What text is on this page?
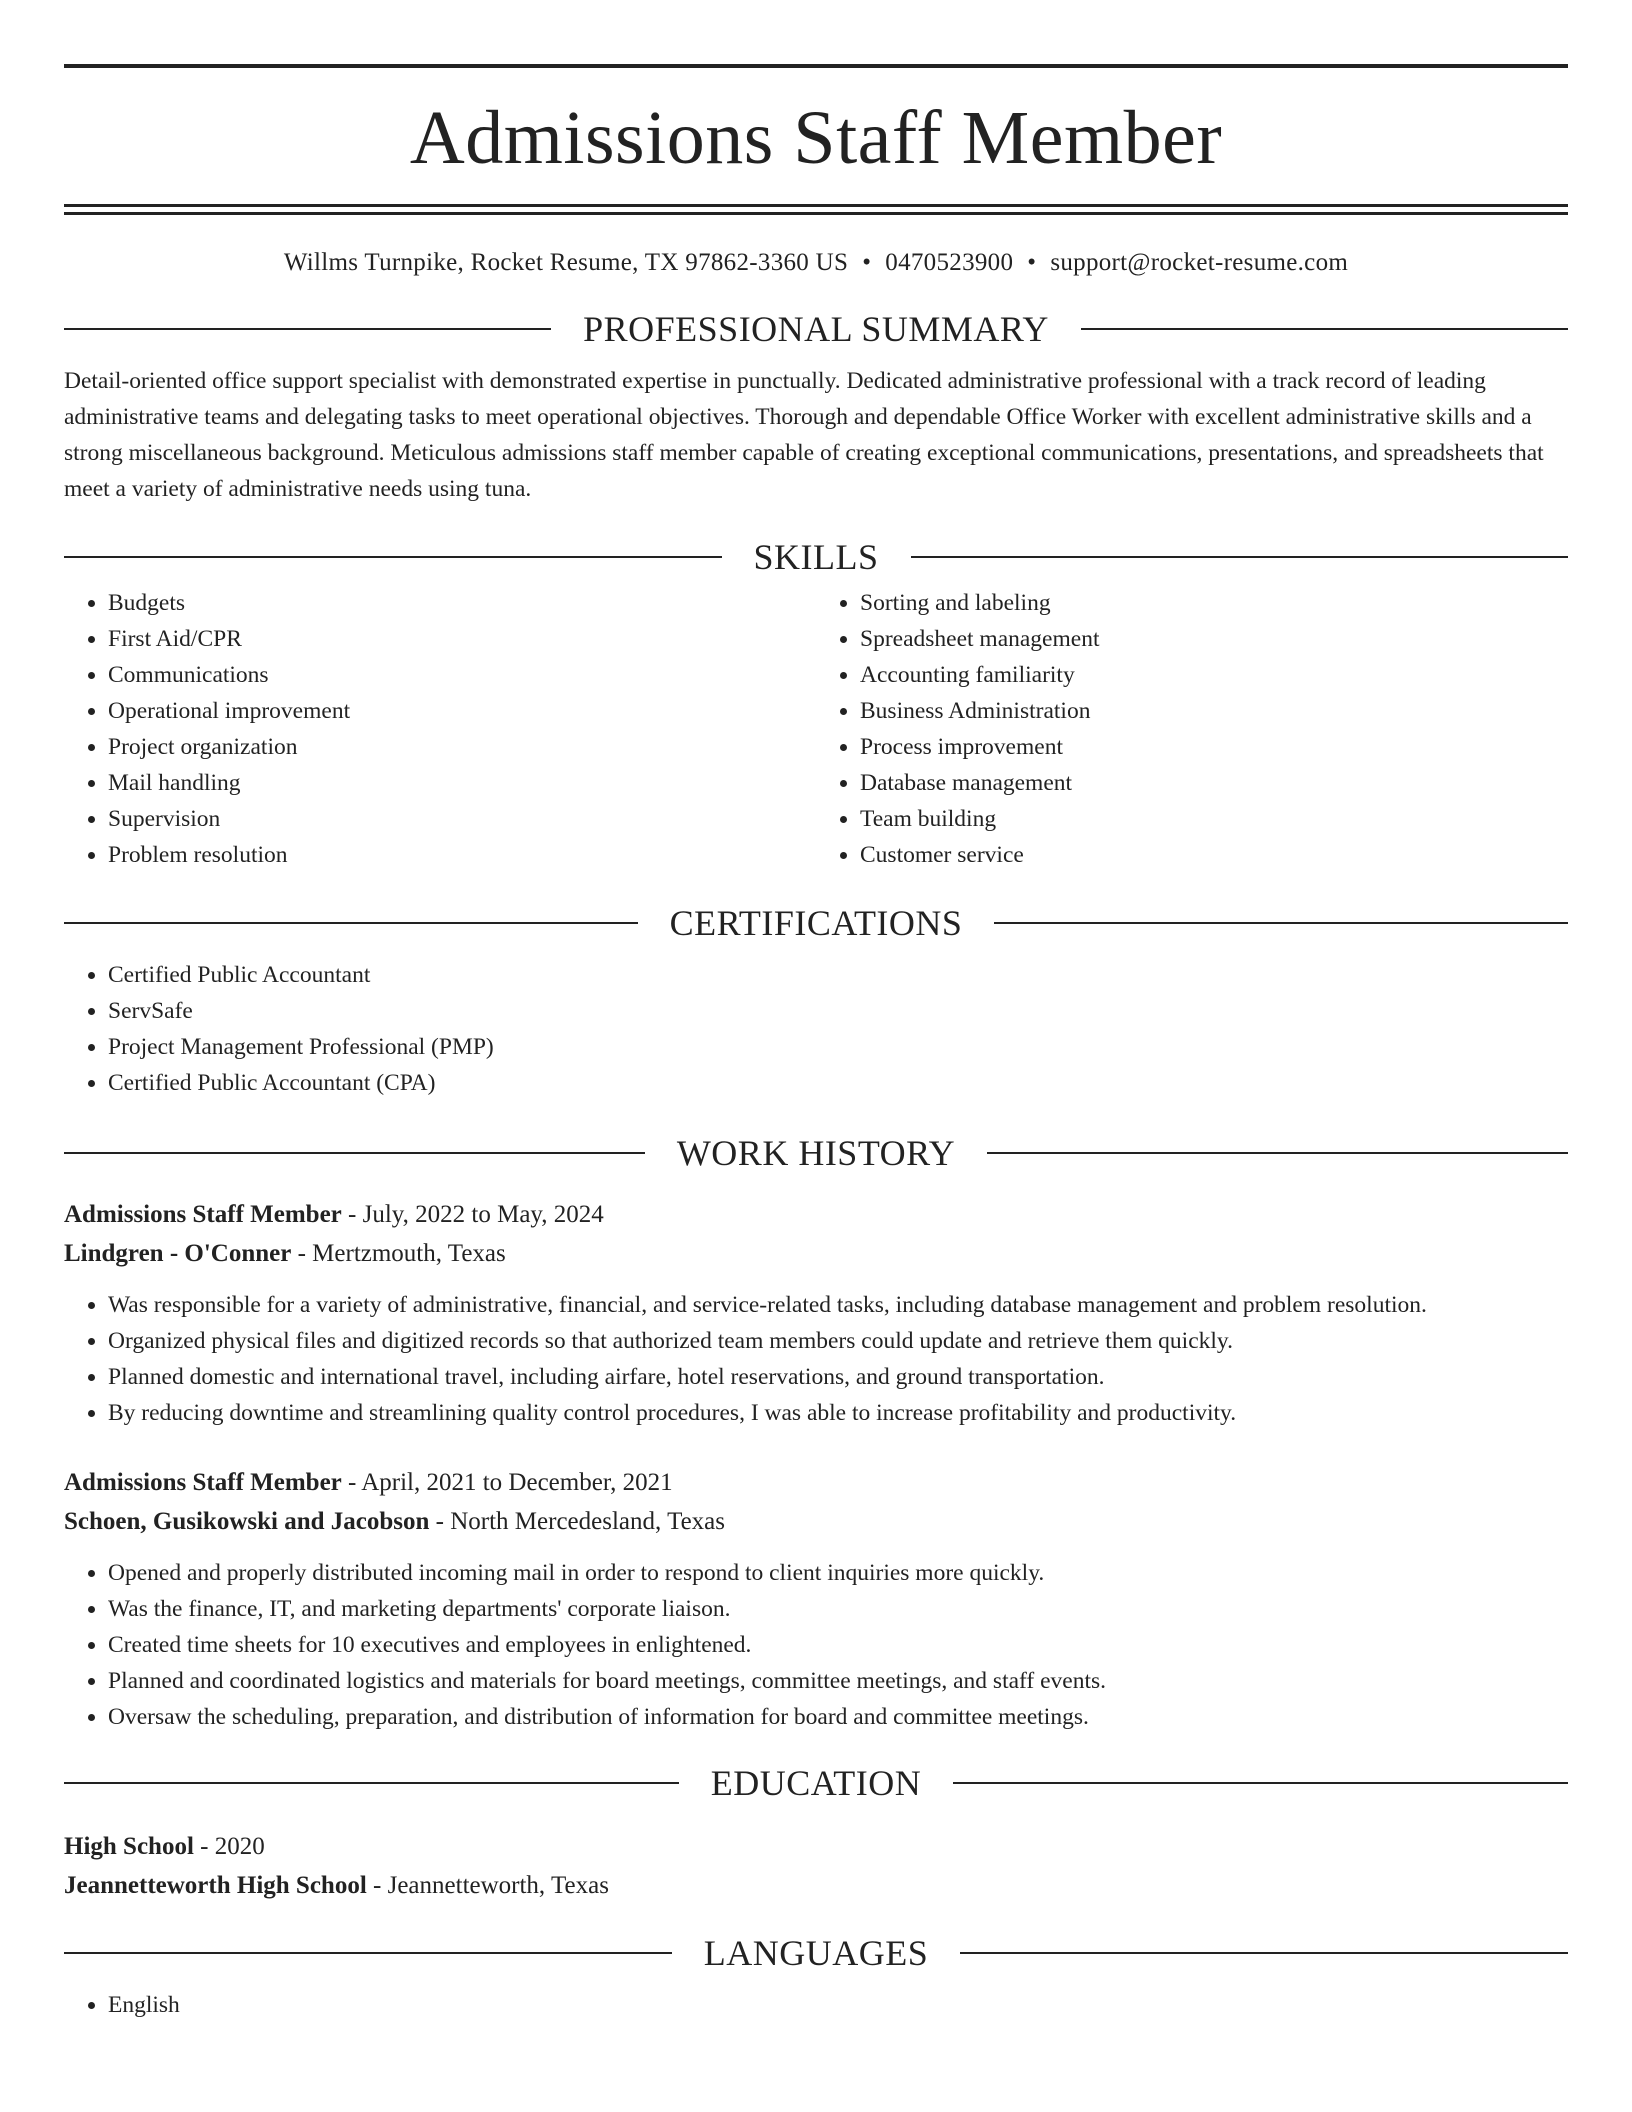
Admissions Staff Member
Willms Turnpike, Rocket Resume, TX 97862-3360 US • 0470523900 • support@rocket-resume.com
PROFESSIONAL SUMMARY

Detail-oriented office support specialist with demonstrated expertise in punctually. Dedicated administrative professional with a track record of leading administrative teams and delegating tasks to meet operational objectives. Thorough and dependable Office Worker with excellent administrative skills and a strong miscellaneous background. Meticulous admissions staff member capable of creating exceptional communications, presentations, and spreadsheets that meet a variety of administrative needs using tuna.

SKILLS
• Budgets
• First Aid/CPR
• Communications
• Operational improvement
• Project organization
• Mail handling
• Supervision
• Problem resolution
• Sorting and labeling
• Spreadsheet management
• Accounting familiarity
• Business Administration
• Process improvement
• Database management
• Team building
• Customer service
CERTIFICATIONS
• Certified Public Accountant
• ServSafe
• Project Management Professional (PMP)
• Certified Public Accountant (CPA)
WORK HISTORY
Admissions Staff Member - July, 2022 to May, 2024
Lindgren - O'Conner - Mertzmouth, Texas
• Was responsible for a variety of administrative, financial, and service-related tasks, including database management and problem resolution.
• Organized physical files and digitized records so that authorized team members could update and retrieve them quickly.
• Planned domestic and international travel, including airfare, hotel reservations, and ground transportation.
• By reducing downtime and streamlining quality control procedures, I was able to increase profitability and productivity.
Admissions Staff Member - April, 2021 to December, 2021
Schoen, Gusikowski and Jacobson - North Mercedesland, Texas
• Opened and properly distributed incoming mail in order to respond to client inquiries more quickly.
• Was the finance, IT, and marketing departments' corporate liaison.
• Created time sheets for 10 executives and employees in enlightened.
• Planned and coordinated logistics and materials for board meetings, committee meetings, and staff events.
• Oversaw the scheduling, preparation, and distribution of information for board and committee meetings.
EDUCATION
High School - 2020
Jeannetteworth High School - Jeannetteworth, Texas
LANGUAGES
• English
